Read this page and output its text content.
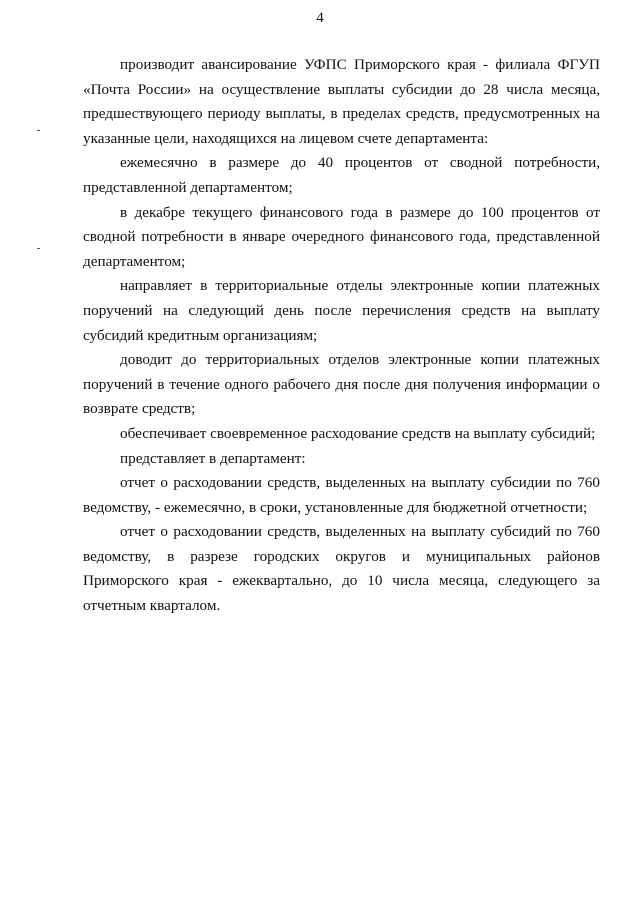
4

производит авансирование УФПС Приморского края - филиала ФГУП «Почта России» на осуществление выплаты субсидии до 28 числа месяца, предшествующего периоду выплаты, в пределах средств, предусмотренных на указанные цели, находящихся на лицевом счете департамента:

ежемесячно в размере до 40 процентов от сводной потребности, представленной департаментом;

в декабре текущего финансового года в размере до 100 процентов от сводной потребности в январе очередного финансового года, представленной департаментом;

направляет в территориальные отделы электронные копии платежных поручений на следующий день после перечисления средств на выплату субсидий кредитным организациям;

доводит до территориальных отделов электронные копии платежных поручений в течение одного рабочего дня после дня получения информации о возврате средств;

обеспечивает своевременное расходование средств на выплату субсидий;

представляет в департамент:

отчет о расходовании средств, выделенных на выплату субсидии по 760 ведомству, - ежемесячно, в сроки, установленные для бюджетной отчетности;

отчет о расходовании средств, выделенных на выплату субсидий по 760 ведомству, в разрезе городских округов и муниципальных районов Приморского края - ежеквартально, до 10 числа месяца, следующего за отчетным кварталом.
